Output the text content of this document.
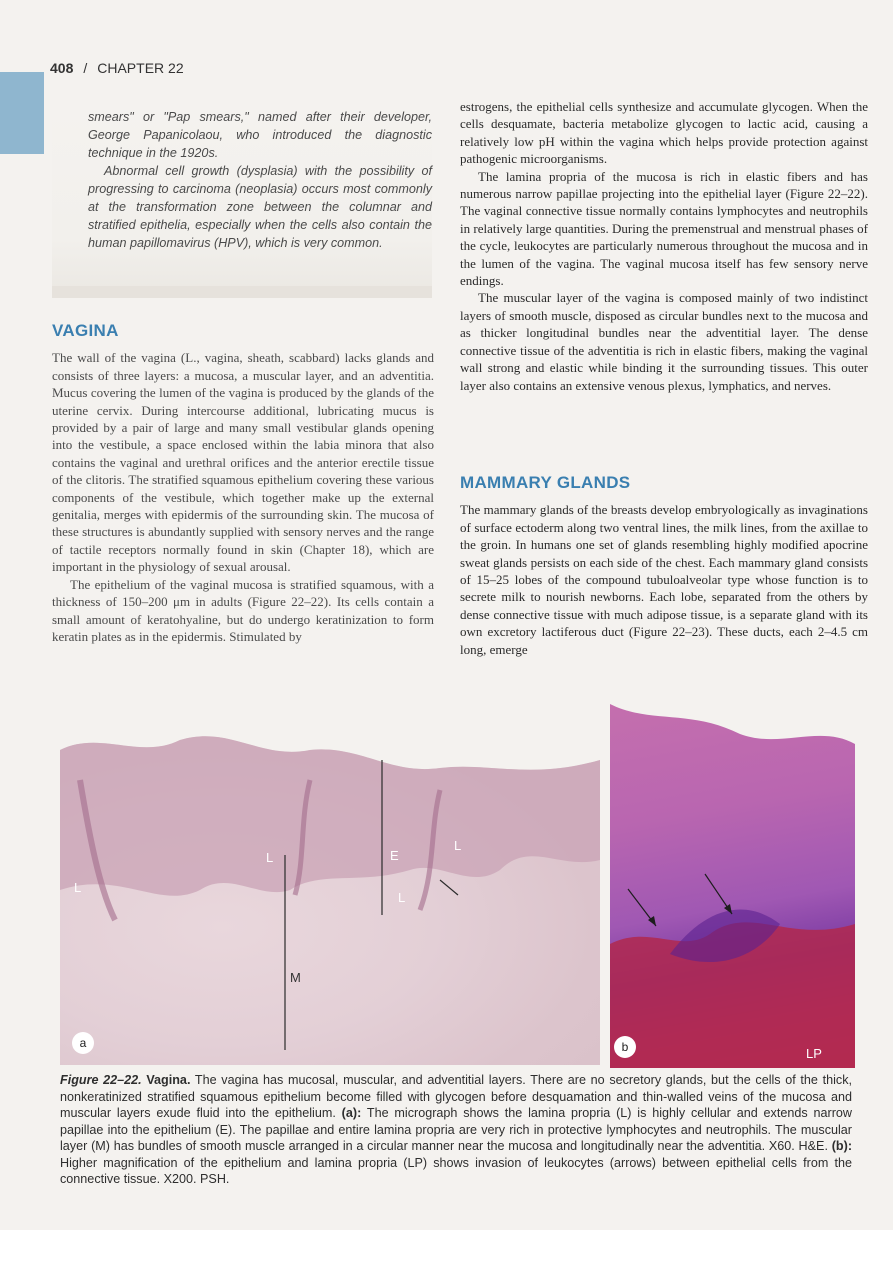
408 / CHAPTER 22

smears" or "Pap smears," named after their developer, George Papanicolaou, who introduced the diagnostic technique in the 1920s.

Abnormal cell growth (dysplasia) with the possibility of progressing to carcinoma (neoplasia) occurs most commonly at the transformation zone between the columnar and stratified epithelia, especially when the cells also contain the human papillomavirus (HPV), which is very common.

VAGINA

The wall of the vagina (L., vagina, sheath, scabbard) lacks glands and consists of three layers: a mucosa, a muscular layer, and an adventitia. Mucus covering the lumen of the vagina is produced by the glands of the uterine cervix. During intercourse additional, lubricating mucus is provided by a pair of large and many small vestibular glands opening into the vestibule, a space enclosed within the labia minora that also contains the vaginal and urethral orifices and the anterior erectile tissue of the clitoris. The stratified squamous epithelium covering these various components of the vestibule, which together make up the external genitalia, merges with epidermis of the surrounding skin. The mucosa of these structures is abundantly supplied with sensory nerves and the range of tactile receptors normally found in skin (Chapter 18), which are important in the physiology of sexual arousal.

The epithelium of the vaginal mucosa is stratified squamous, with a thickness of 150–200 μm in adults (Figure 22–22). Its cells contain a small amount of keratohyaline, but do undergo keratinization to form keratin plates as in the epidermis. Stimulated by

estrogens, the epithelial cells synthesize and accumulate glycogen. When the cells desquamate, bacteria metabolize glycogen to lactic acid, causing a relatively low pH within the vagina which helps provide protection against pathogenic microorganisms.

The lamina propria of the mucosa is rich in elastic fibers and has numerous narrow papillae projecting into the epithelial layer (Figure 22–22). The vaginal connective tissue normally contains lymphocytes and neutrophils in relatively large quantities. During the premenstrual and menstrual phases of the cycle, leukocytes are particularly numerous throughout the mucosa and in the lumen of the vagina. The vaginal mucosa itself has few sensory nerve endings.

The muscular layer of the vagina is composed mainly of two indistinct layers of smooth muscle, disposed as circular bundles next to the mucosa and as thicker longitudinal bundles near the adventitial layer. The dense connective tissue of the adventitia is rich in elastic fibers, making the vaginal wall strong and elastic while binding it the surrounding tissues. This outer layer also contains an extensive venous plexus, lymphatics, and nerves.

MAMMARY GLANDS

The mammary glands of the breasts develop embryologically as invaginations of surface ectoderm along two ventral lines, the milk lines, from the axillae to the groin. In humans one set of glands resembling highly modified apocrine sweat glands persists on each side of the chest. Each mammary gland consists of 15–25 lobes of the compound tubuloalveolar type whose function is to secrete milk to nourish newborns. Each lobe, separated from the others by dense connective tissue with much adipose tissue, is a separate gland with its own excretory lactiferous duct (Figure 22–23). These ducts, each 2–4.5 cm long, emerge

L
L	E
L
L
M
a	b	LP
Figure 22–22. Vagina. The vagina has mucosal, muscular, and adventitial layers. There are no secretory glands, but the cells of the thick, nonkeratinized stratified squamous epithelium become filled with glycogen before desquamation and thin-walled veins of the mucosa and muscular layers exude fluid into the epithelium. (a): The micrograph shows the lamina propria (L) is highly cellular and extends narrow papillae into the epithelium (E). The papillae and entire lamina propria are very rich in protective lymphocytes and neutrophils. The muscular layer (M) has bundles of smooth muscle arranged in a circular manner near the mucosa and longitudinally near the adventitia. X60. H&E. (b): Higher magnification of the epithelium and lamina propria (LP) shows invasion of leukocytes (arrows) between epithelial cells from the connective tissue. X200. PSH.
